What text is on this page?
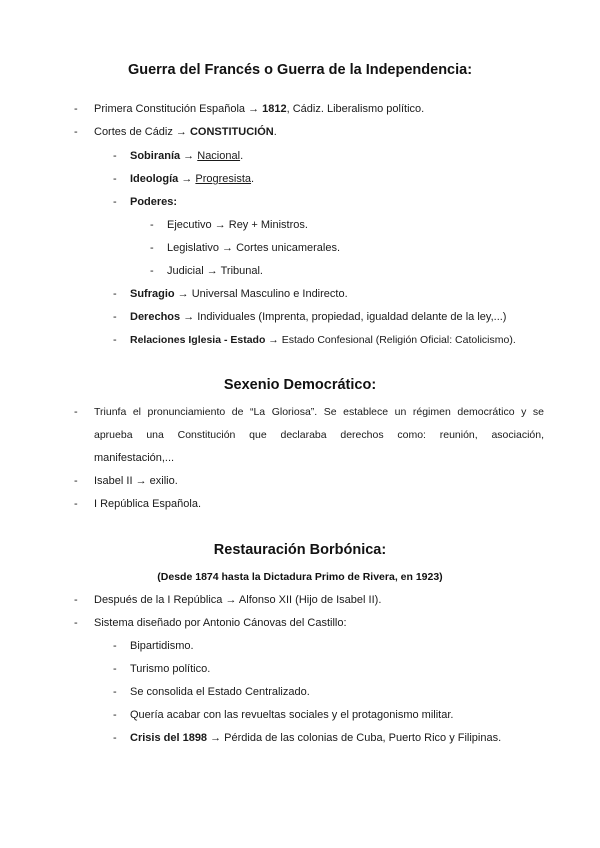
Guerra del Francés o Guerra de la Independencia:
- Primera Constitución Española → 1812, Cádiz. Liberalismo político.
- Cortes de Cádiz → CONSTITUCIÓN.
- Sobiranía → Nacional.
- Ideología → Progresista.
- Poderes:
- Ejecutivo → Rey + Ministros.
- Legislativo → Cortes unicamerales.
- Judicial → Tribunal.
- Sufragio → Universal Masculino e Indirecto.
- Derechos → Individuales (Imprenta, propiedad, igualdad delante de la ley,...)
- Relaciones Iglesia - Estado → Estado Confesional (Religión Oficial: Catolicismo).
Sexenio Democrático:
- Triunfa el pronunciamiento de “La Gloriosa”. Se establece un régimen democrático y se
aprueba una Constitución que declaraba derechos como: reunión, asociación,
manifestación,...
- Isabel II → exilio.
- I República Española.
Restauración Borbónica:
(Desde 1874 hasta la Dictadura Primo de Rivera, en 1923)
- Después de la I República → Alfonso XII (Hijo de Isabel II).
- Sistema diseñado por Antonio Cánovas del Castillo:
- Bipartidismo.
- Turismo político.
- Se consolida el Estado Centralizado.
- Quería acabar con las revueltas sociales y el protagonismo militar.
- Crisis del 1898 → Pérdida de las colonias de Cuba, Puerto Rico y Filipinas.
